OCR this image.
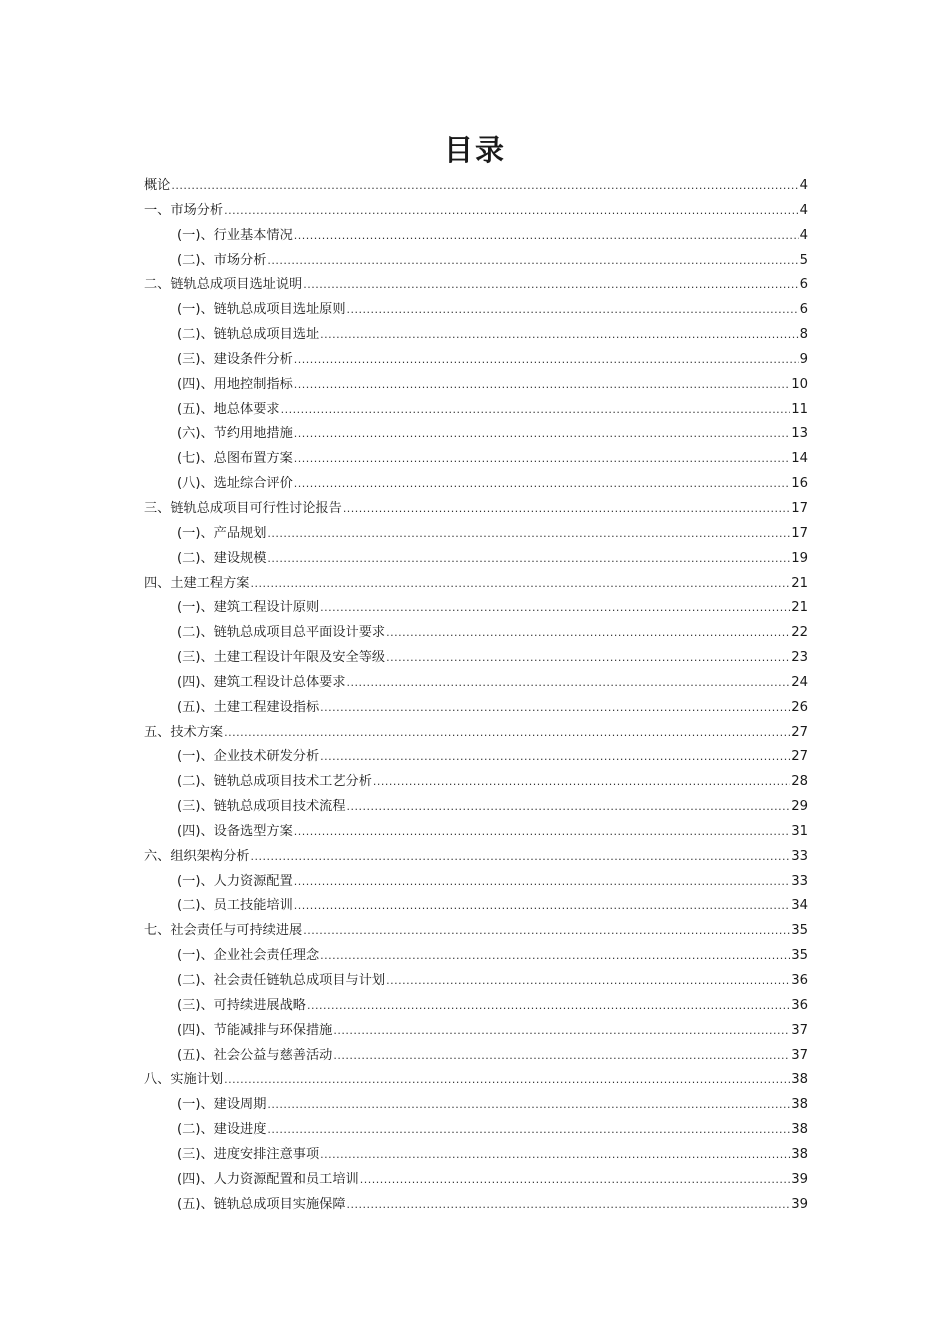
目录
概论 .....	4
一、市场分析 .....	4
(一)、行业基本情况 .....	4
(二)、市场分析 .....	5
二、链轨总成项目选址说明 .....	6
(一)、链轨总成项目选址原则 .....	6
(二)、链轨总成项目选址 .....	8
(三)、建设条件分析 .....	9
(四)、用地控制指标 .....	10
(五)、地总体要求 .....	11
(六)、节约用地措施 .....	13
(七)、总图布置方案 .....	14
(八)、选址综合评价 .....	16
三、链轨总成项目可行性讨论报告 .....	17
(一)、产品规划 .....	17
(二)、建设规模 .....	19
四、土建工程方案 .....	21
(一)、建筑工程设计原则 .....	21
(二)、链轨总成项目总平面设计要求 .....	22
(三)、土建工程设计年限及安全等级 .....	23
(四)、建筑工程设计总体要求 .....	24
(五)、土建工程建设指标 .....	26
五、技术方案 .....	27
(一)、企业技术研发分析 .....	27
(二)、链轨总成项目技术工艺分析 .....	28
(三)、链轨总成项目技术流程 .....	29
(四)、设备选型方案 .....	31
六、组织架构分析 .....	33
(一)、人力资源配置 .....	33
(二)、员工技能培训 .....	34
七、社会责任与可持续进展 .....	35
(一)、企业社会责任理念 .....	35
(二)、社会责任链轨总成项目与计划 .....	36
(三)、可持续进展战略 .....	36
(四)、节能减排与环保措施 .....	37
(五)、社会公益与慈善活动 .....	37
八、实施计划 .....	38
(一)、建设周期 .....	38
(二)、建设进度 .....	38
(三)、进度安排注意事项 .....	38
(四)、人力资源配置和员工培训 .....	39
(五)、链轨总成项目实施保障 .....	39
